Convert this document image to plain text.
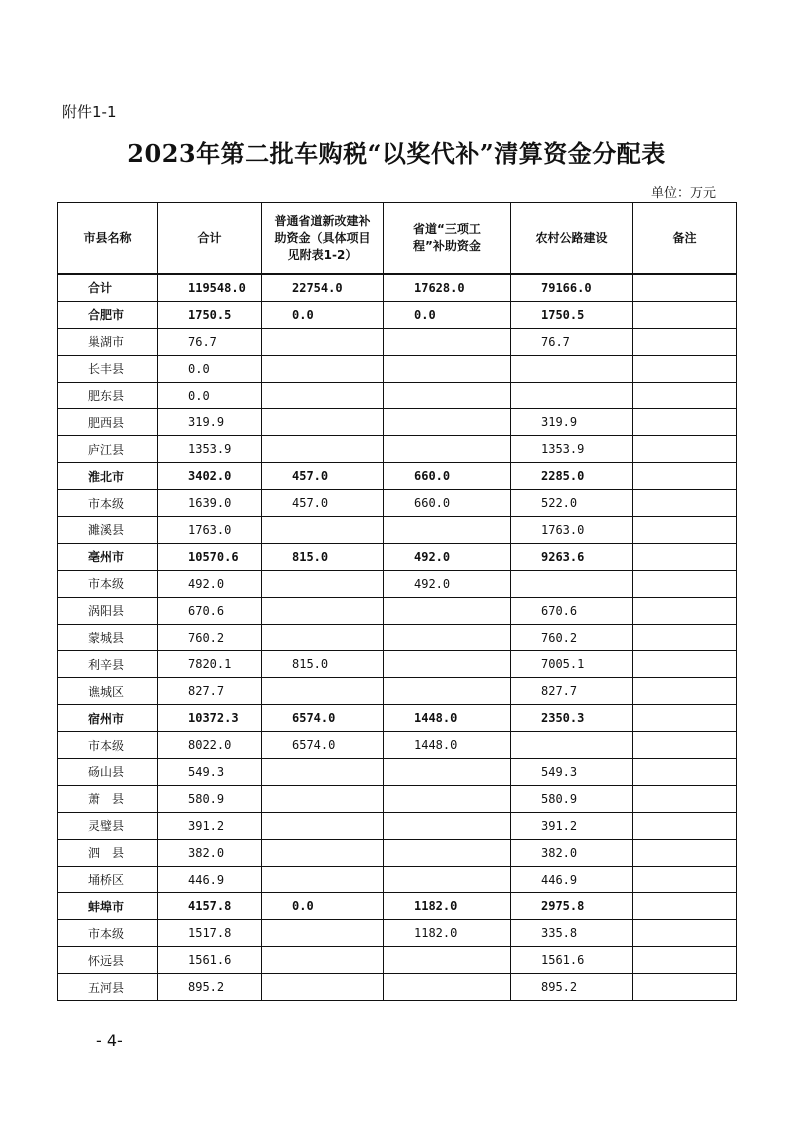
附件1-1
2023年第二批车购税“以奖代补”清算资金分配表
单位：万元
市县名称	合计	普通省道新改建补助资金（具体项目见附表1-2）	省道“三项工程”补助资金	农村公路建设	备注
合计	119548.0	22754.0	17628.0	79166.0	
合肥市	1750.5	0.0	0.0	1750.5	
巢湖市	76.7			76.7	
长丰县	0.0				
肥东县	0.0				
肥西县	319.9			319.9	
庐江县	1353.9			1353.9	
淮北市	3402.0	457.0	660.0	2285.0	
市本级	1639.0	457.0	660.0	522.0	
濉溪县	1763.0			1763.0	
亳州市	10570.6	815.0	492.0	9263.6	
市本级	492.0		492.0		
涡阳县	670.6			670.6	
蒙城县	760.2			760.2	
利辛县	7820.1	815.0		7005.1	
谯城区	827.7			827.7	
宿州市	10372.3	6574.0	1448.0	2350.3	
市本级	8022.0	6574.0	1448.0		
砀山县	549.3			549.3	
萧　县	580.9			580.9	
灵璧县	391.2			391.2	
泗　县	382.0			382.0	
埇桥区	446.9			446.9	
蚌埠市	4157.8	0.0	1182.0	2975.8	
市本级	1517.8		1182.0	335.8	
怀远县	1561.6			1561.6	
五河县	895.2			895.2	
- 4-
